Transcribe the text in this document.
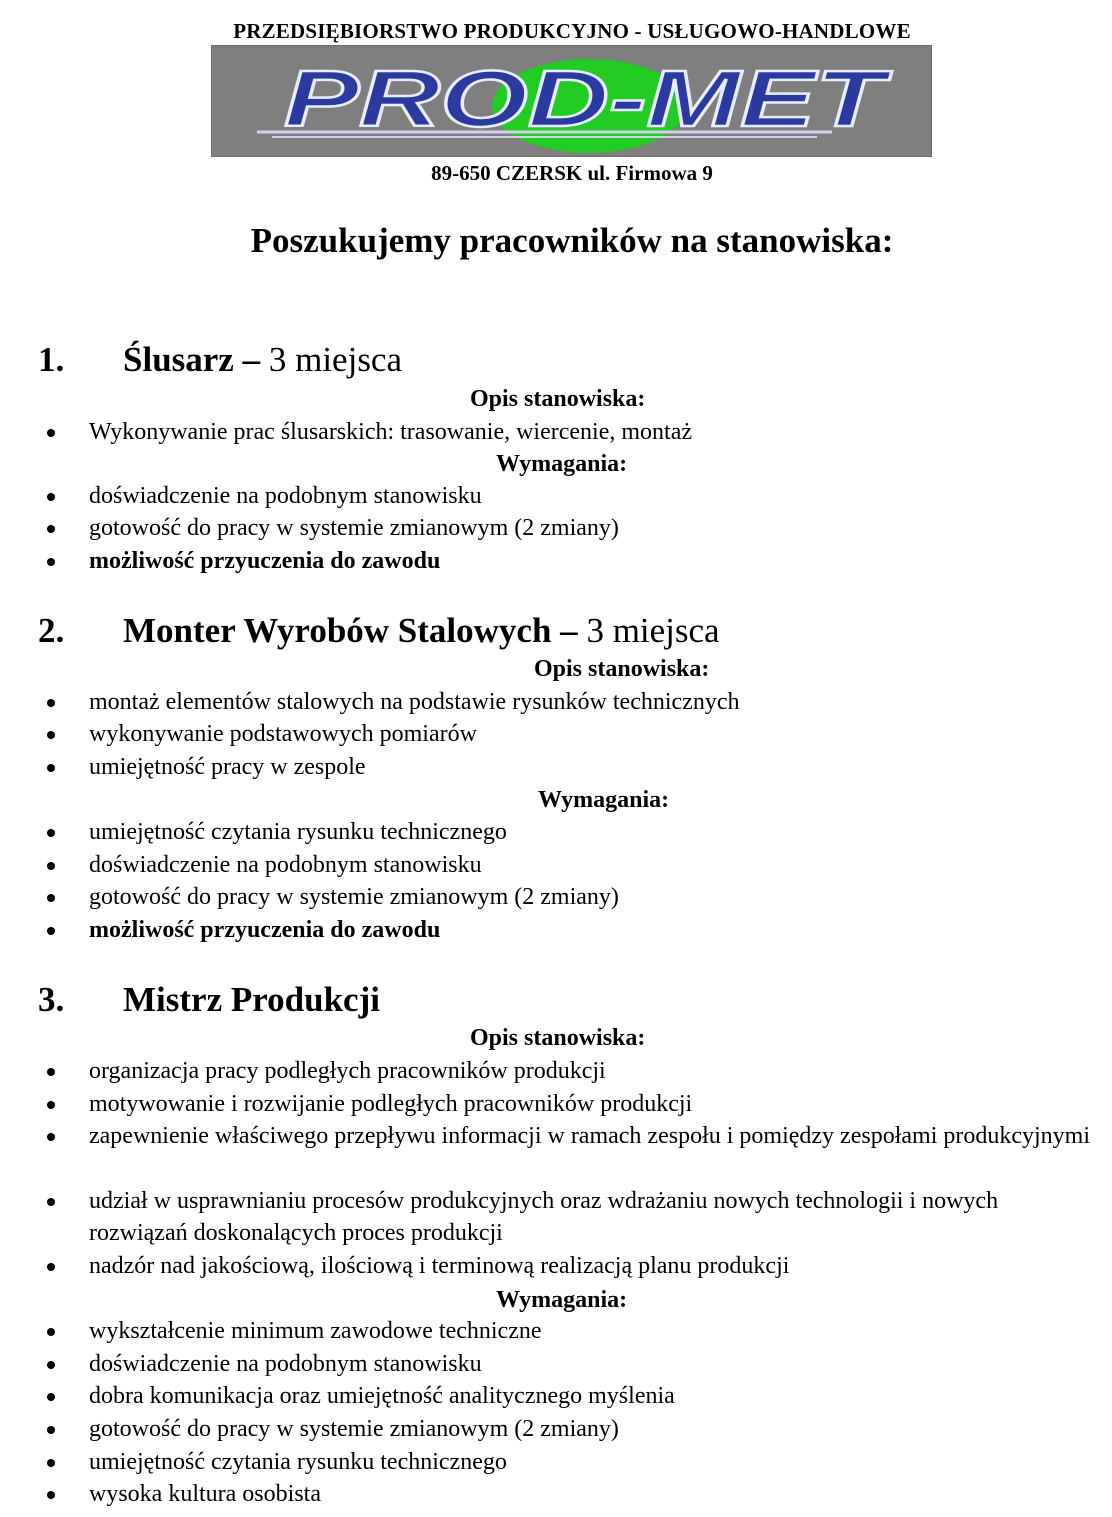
PRZEDSIĘBIORSTWO PRODUKCYJNO - USŁUGOWO-HANDLOWE
PROD-MET
89-650 CZERSK ul. Firmowa 9
Poszukujemy pracowników na stanowiska:
1. Ślusarz – 3 miejsca
Opis stanowiska:
Wykonywanie prac ślusarskich: trasowanie, wiercenie, montaż
Wymagania:
doświadczenie na podobnym stanowisku
gotowość do pracy w systemie zmianowym (2 zmiany)
możliwość przyuczenia do zawodu
2. Monter Wyrobów Stalowych – 3 miejsca
Opis stanowiska:
montaż elementów stalowych na podstawie rysunków technicznych
wykonywanie podstawowych pomiarów
umiejętność pracy w zespole
Wymagania:
umiejętność czytania rysunku technicznego
doświadczenie na podobnym stanowisku
gotowość do pracy w systemie zmianowym (2 zmiany)
możliwość przyuczenia do zawodu
3. Mistrz Produkcji
Opis stanowiska:
organizacja pracy podległych pracowników produkcji
motywowanie i rozwijanie podległych pracowników produkcji
zapewnienie właściwego przepływu informacji w ramach zespołu i pomiędzy zespołami produkcyjnymi
udział w usprawnianiu procesów produkcyjnych oraz wdrażaniu nowych technologii i nowych rozwiązań doskonalących proces produkcji
nadzór nad jakościową, ilościową i terminową realizacją planu produkcji
Wymagania:
wykształcenie minimum zawodowe techniczne
doświadczenie na podobnym stanowisku
dobra komunikacja oraz umiejętność analitycznego myślenia
gotowość do pracy w systemie zmianowym (2 zmiany)
umiejętność czytania rysunku technicznego
wysoka kultura osobista
